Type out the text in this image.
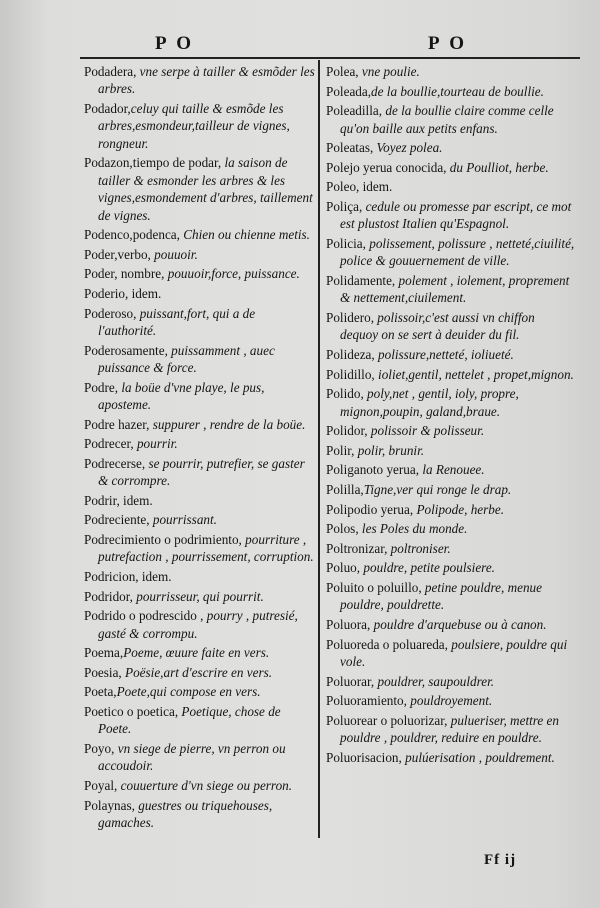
P O	P O

Podadera, vne serpe à tailler & esmõder les arbres.

Podador,celuy qui taille & esmõde les arbres,esmondeur,tailleur de vignes, rongneur.

Podazon,tiempo de podar, la saison de tailler & esmonder les arbres & les vignes,esmondement d'arbres, taillement de vignes.

Podenco,podenca, Chien ou chienne metis.

Poder,verbo, pouuoir.

Poder, nombre, pouuoir,force, puissance.

Poderio, idem.

Poderoso, puissant,fort, qui a de l'authorité.

Poderosamente, puissamment , auec puissance & force.

Podre, la boüe d'vne playe, le pus, aposteme.

Podre hazer, suppurer , rendre de la boüe.

Podrecer, pourrir.

Podrecerse, se pourrir, putrefier, se gaster & corrompre.

Podrir, idem.

Podreciente, pourrissant.

Podrecimiento o podrimiento, pourriture , putrefaction , pourrissement, corruption.

Podricion, idem.

Podridor, pourrisseur, qui pourrit.

Podrido o podrescido , pourry , putresié, gasté & corrompu.

Poema,Poeme, œuure faite en vers.

Poesia, Poësie,art d'escrire en vers.

Poeta,Poete,qui compose en vers.

Poetico o poetica, Poetique, chose de Poete.

Poyo, vn siege de pierre, vn perron ou accoudoir.

Poyal, couuerture d'vn siege ou perron.

Polaynas, guestres ou triquehouses, gamaches.

Polea, vne poulie.

Poleada,de la boullie,tourteau de boullie.

Poleadilla, de la boullie claire comme celle qu'on baille aux petits enfans.

Poleatas, Voyez polea.

Polejo yerua conocida, du Poulliot, herbe.

Poleo, idem.

Poliça, cedule ou promesse par escript, ce mot est plustost Italien qu'Espagnol.

Policia, polissement, polissure , netteté,ciuilité, police & gouuernement de ville.

Polidamente, polement , iolement, proprement & nettement,ciuilement.

Polidero, polissoir,c'est aussi vn chiffon dequoy on se sert à deuider du fil.

Polideza, polissure,netteté, ioliueté.

Polidillo, ioliet,gentil, nettelet , propet,mignon.

Polido, poly,net , gentil, ioly, propre, mignon,poupin, galand,braue.

Polidor, polissoir & polisseur.

Polir, polir, brunir.

Poliganoto yerua, la Renouee.

Polilla,Tigne,ver qui ronge le drap.

Polipodio yerua, Polipode, herbe.

Polos, les Poles du monde.

Poltronizar, poltroniser.

Poluo, pouldre, petite poulsiere.

Poluito o poluillo, petine pouldre, menue pouldre, pouldrette.

Poluora, pouldre d'arquebuse ou à canon.

Poluoreda o poluareda, poulsiere, pouldre qui vole.

Poluorar, pouldrer, saupouldrer.

Poluoramiento, pouldroyement.

Poluorear o poluorizar, pulueriser, mettre en pouldre , pouldrer, reduire en pouldre.

Poluorisacion, pulúerisation , pouldrement.

Ff ij
